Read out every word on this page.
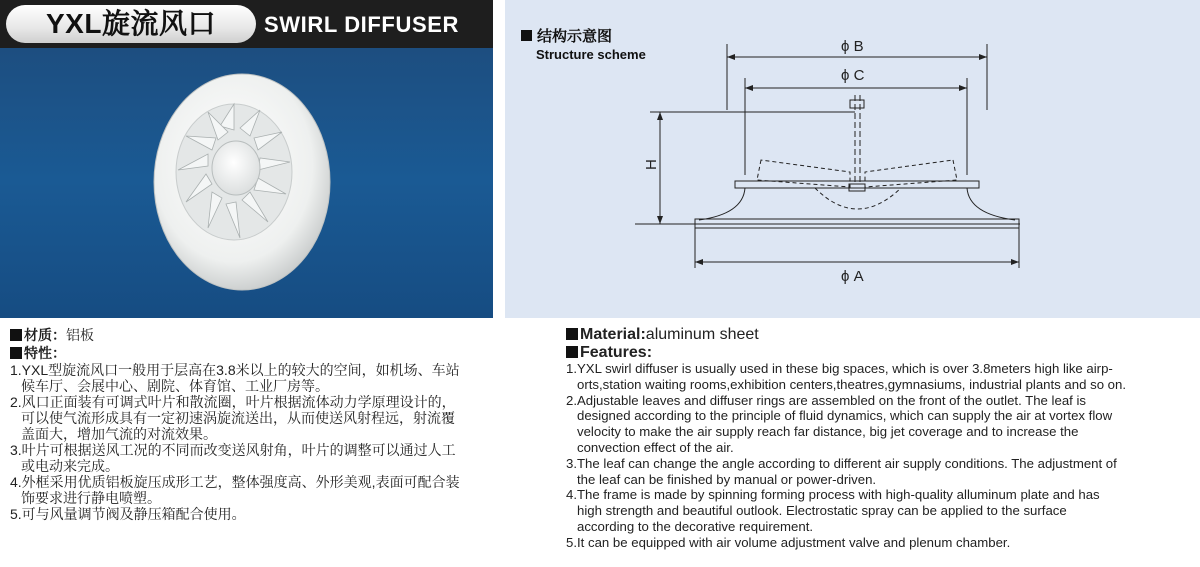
YXL旋流风口 SWIRL DIFFUSER	结构示意图
Structure scheme	ϕ B
ϕ C
H
ϕ A
材质：铝板
特性：
1.YXL型旋流风口一般用于层高在3.8米以上的较大的空间，如机场、车站
候车厅、会展中心、剧院、体育馆、工业厂房等。
2.风口正面装有可调式叶片和散流圈，叶片根据流体动力学原理设计的，
可以使气流形成具有一定初速涡旋流送出，从而使送风射程远，射流覆
盖面大，增加气流的对流效果。
3.叶片可根据送风工况的不同而改变送风射角，叶片的调整可以通过人工
或电动来完成。
4.外框采用优质铝板旋压成形工艺，整体强度高、外形美观,表面可配合装
饰要求进行静电喷塑。
5.可与风量调节阀及静压箱配合使用。
Material:aluminum sheet
Features:
1.YXL swirl diffuser is usually used in these big spaces, which is over 3.8meters high like airp-
orts,station waiting rooms,exhibition centers,theatres,gymnasiums, industrial plants and so on.
2.Adjustable leaves and diffuser rings are assembled on the front of the outlet. The leaf is
designed according to the principle of fluid dynamics, which can supply the air at vortex flow
velocity to make the air supply reach far distance, big jet coverage and to increase the
convection effect of the air.
3.The leaf can change the angle according to different air supply conditions. The adjustment of
the leaf can be finished by manual or power-driven.
4.The frame is made by spinning forming process with high-quality alluminum plate and has
high strength and beautiful outlook. Electrostatic spray can be applied to the surface
according to the decorative requirement.
5.It can be equipped with air volume adjustment valve and plenum chamber.
